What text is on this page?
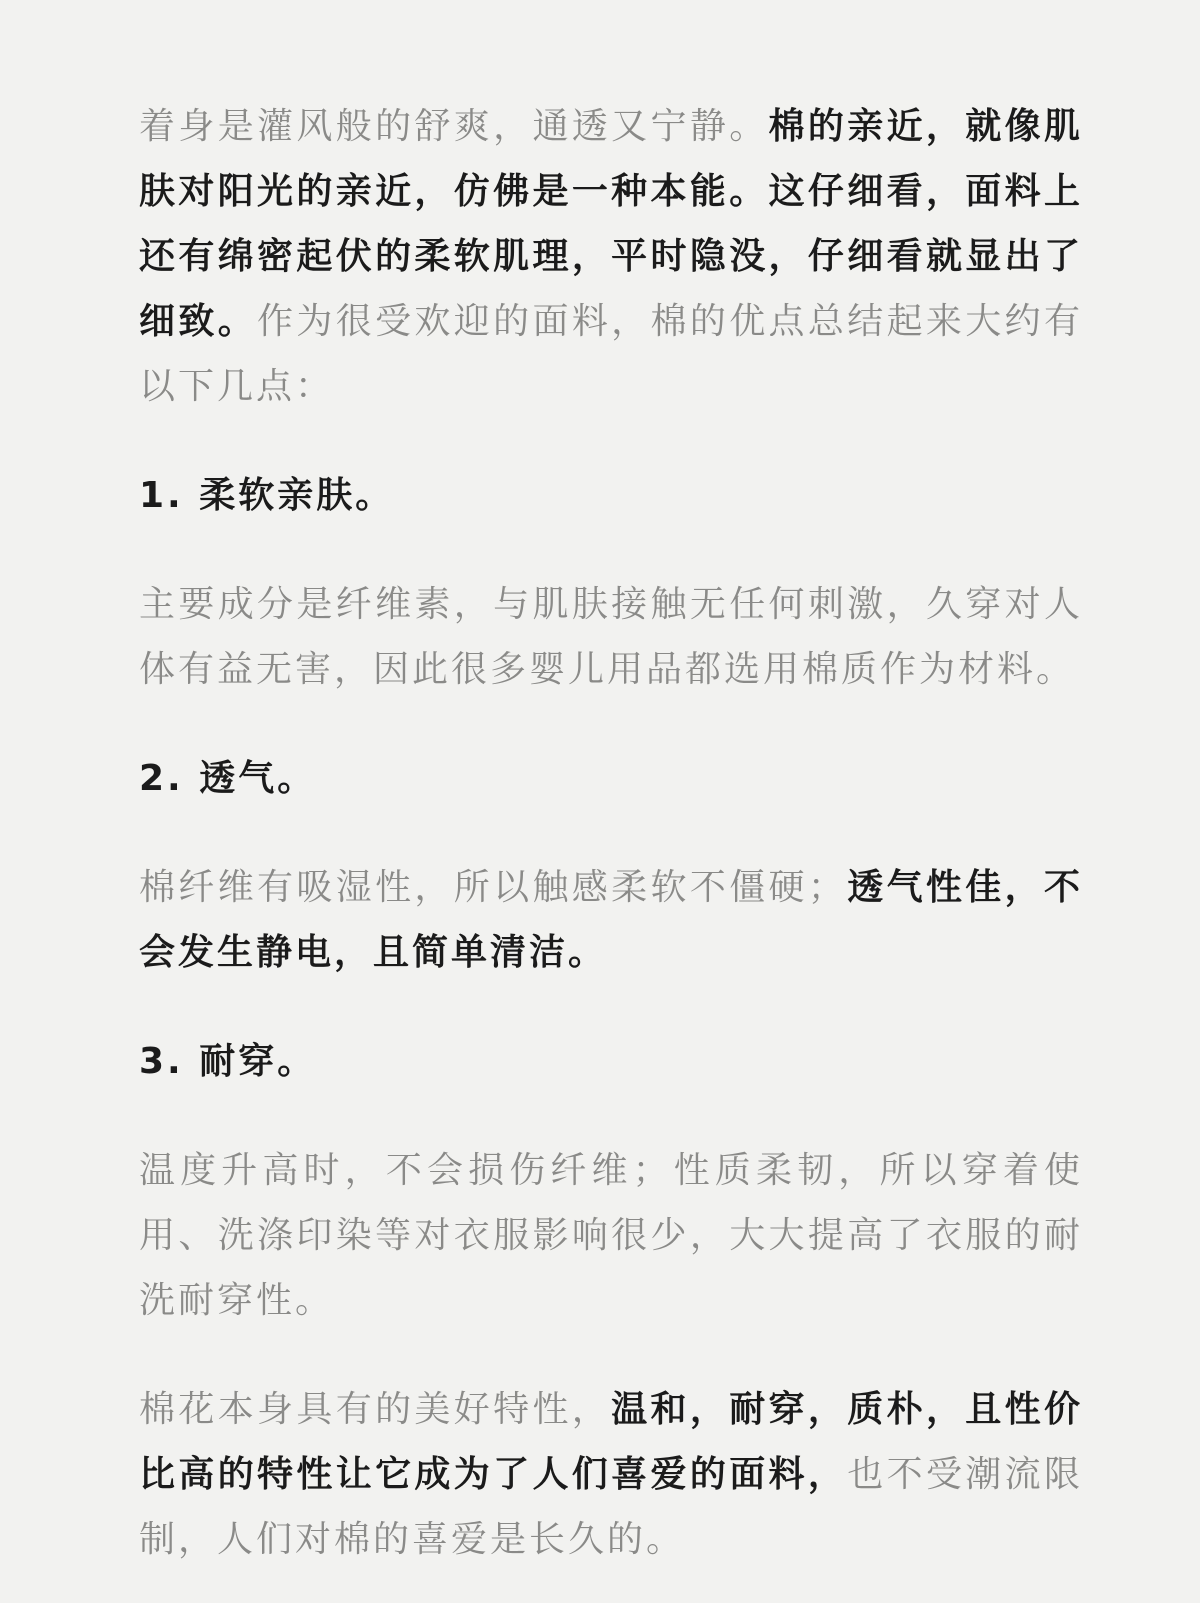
着身是灌风般的舒爽，通透又宁静。棉的亲近，就像肌肤对阳光的亲近，仿佛是一种本能。这仔细看，面料上还有绵密起伏的柔软肌理，平时隐没，仔细看就显出了细致。作为很受欢迎的面料，棉的优点总结起来大约有以下几点：

1. 柔软亲肤。

主要成分是纤维素，与肌肤接触无任何刺激，久穿对人体有益无害，因此很多婴儿用品都选用棉质作为材料。

2. 透气。

棉纤维有吸湿性，所以触感柔软不僵硬；透气性佳，不会发生静电，且简单清洁。

3. 耐穿。

温度升高时，不会损伤纤维；性质柔韧，所以穿着使用、洗涤印染等对衣服影响很少，大大提高了衣服的耐洗耐穿性。

棉花本身具有的美好特性，温和，耐穿，质朴，且性价比高的特性让它成为了人们喜爱的面料，也不受潮流限制，人们对棉的喜爱是长久的。
